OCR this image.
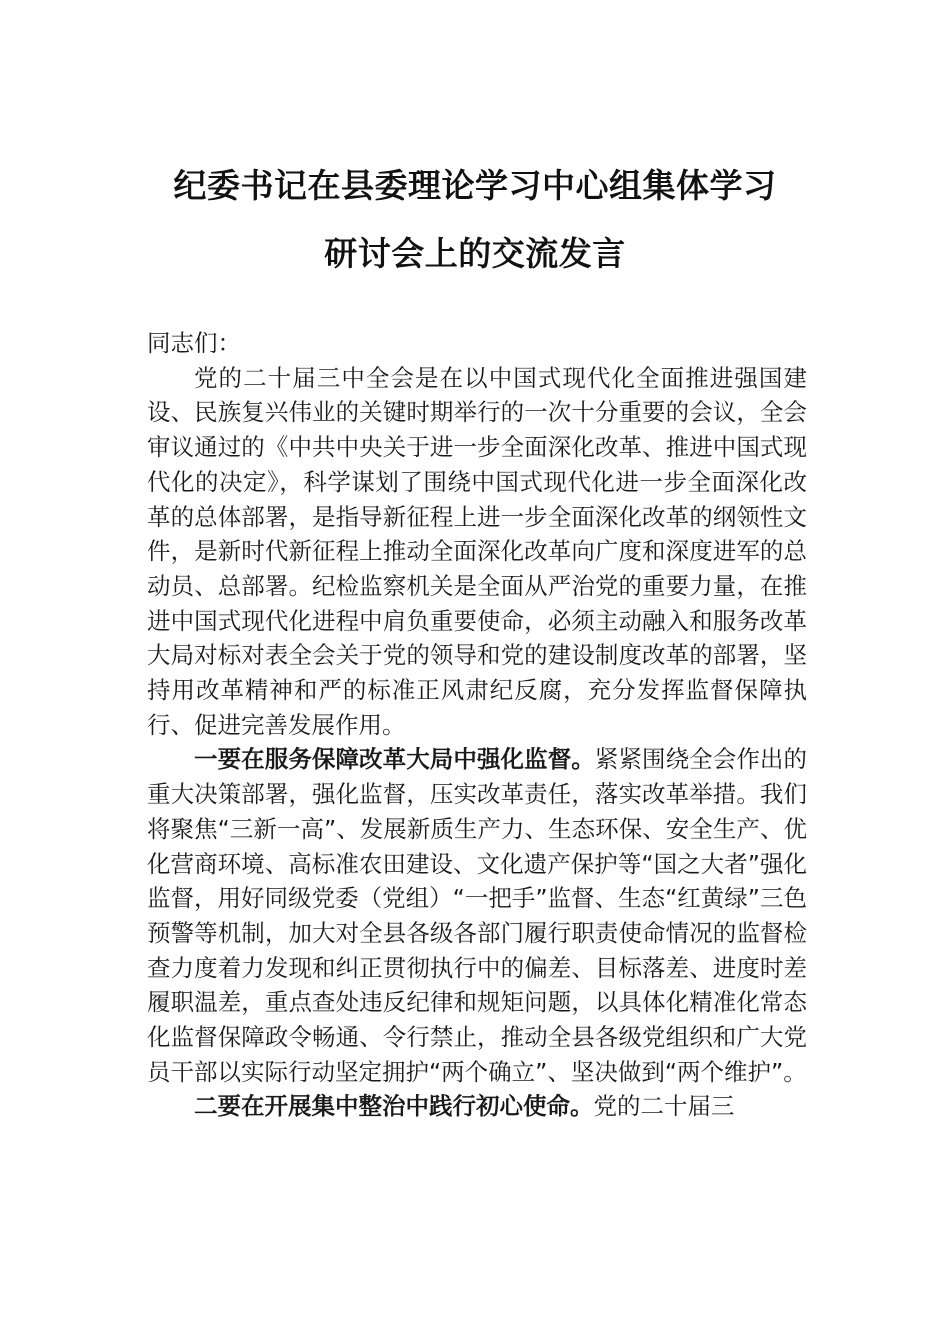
纪委书记在县委理论学习中心组集体学习
研讨会上的交流发言

同志们：

党的二十届三中全会是在以中国式现代化全面推进强国建设、民族复兴伟业的关键时期举行的一次十分重要的会议，全会审议通过的《中共中央关于进一步全面深化改革、推进中国式现代化的决定》，科学谋划了围绕中国式现代化进一步全面深化改革的总体部署，是指导新征程上进一步全面深化改革的纲领性文件，是新时代新征程上推动全面深化改革向广度和深度进军的总动员、总部署。纪检监察机关是全面从严治党的重要力量，在推进中国式现代化进程中肩负重要使命，必须主动融入和服务改革大局对标对表全会关于党的领导和党的建设制度改革的部署，坚持用改革精神和严的标准正风肃纪反腐，充分发挥监督保障执行、促进完善发展作用。

一要在服务保障改革大局中强化监督。紧紧围绕全会作出的重大决策部署，强化监督，压实改革责任，落实改革举措。我们将聚焦“三新一高”、发展新质生产力、生态环保、安全生产、优化营商环境、高标准农田建设、文化遗产保护等“国之大者”强化监督，用好同级党委（党组）“一把手”监督、生态“红黄绿”三色预警等机制，加大对全县各级各部门履行职责使命情况的监督检查力度着力发现和纠正贯彻执行中的偏差、目标落差、进度时差履职温差，重点查处违反纪律和规矩问题，以具体化精准化常态化监督保障政令畅通、令行禁止，推动全县各级党组织和广大党员干部以实际行动坚定拥护“两个确立”、坚决做到“两个维护”。

二要在开展集中整治中践行初心使命。党的二十届三
